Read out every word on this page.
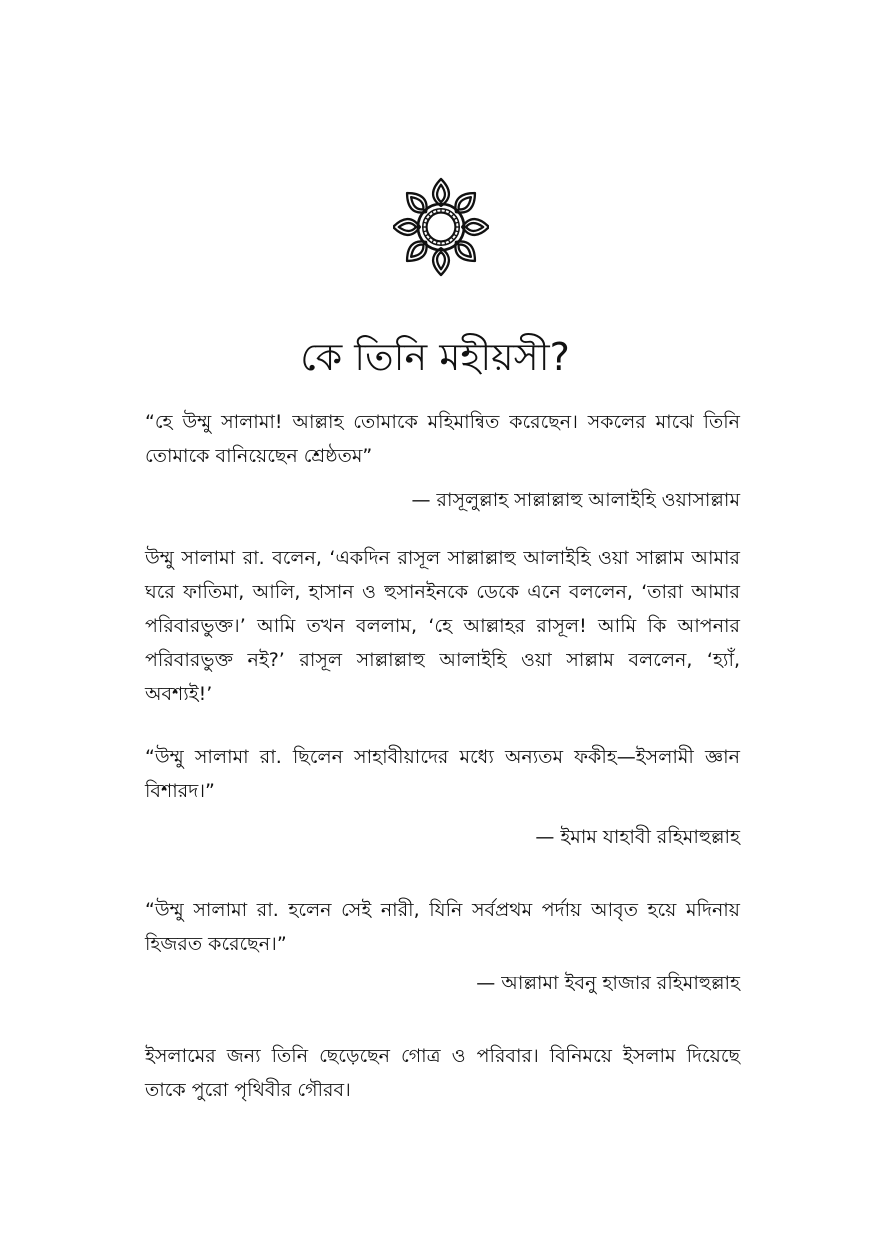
কে তিনি মহীয়সী?

“হে উম্মু সালামা! আল্লাহ তোমাকে মহিমান্বিত করেছেন। সকলের মাঝে তিনি তোমাকে বানিয়েছেন শ্রেষ্ঠতম”

— রাসূলুল্লাহ সাল্লাল্লাহু আলাইহি ওয়াসাল্লাম

উম্মু সালামা রা. বলেন, ‘একদিন রাসূল সাল্লাল্লাহু আলাইহি ওয়া সাল্লাম আমার ঘরে ফাতিমা, আলি, হাসান ও হুসানইনকে ডেকে এনে বললেন, ‘তারা আমার পরিবারভুক্ত।’ আমি তখন বললাম, ‘হে আল্লাহর রাসূল! আমি কি আপনার পরিবারভুক্ত নই?’ রাসূল সাল্লাল্লাহু আলাইহি ওয়া সাল্লাম বললেন, ‘হ্যাঁ, অবশ্যই!’

“উম্মু সালামা রা. ছিলেন সাহাবীয়াদের মধ্যে অন্যতম ফকীহ—ইসলামী জ্ঞান বিশারদ।”

— ইমাম যাহাবী রহিমাহুল্লাহ

“উম্মু সালামা রা. হলেন সেই নারী, যিনি সর্বপ্রথম পর্দায় আবৃত হয়ে মদিনায় হিজরত করেছেন।”

— আল্লামা ইবনু হাজার রহিমাহুল্লাহ

ইসলামের জন্য তিনি ছেড়েছেন গোত্র ও পরিবার। বিনিময়ে ইসলাম দিয়েছে তাকে পুরো পৃথিবীর গৌরব।
